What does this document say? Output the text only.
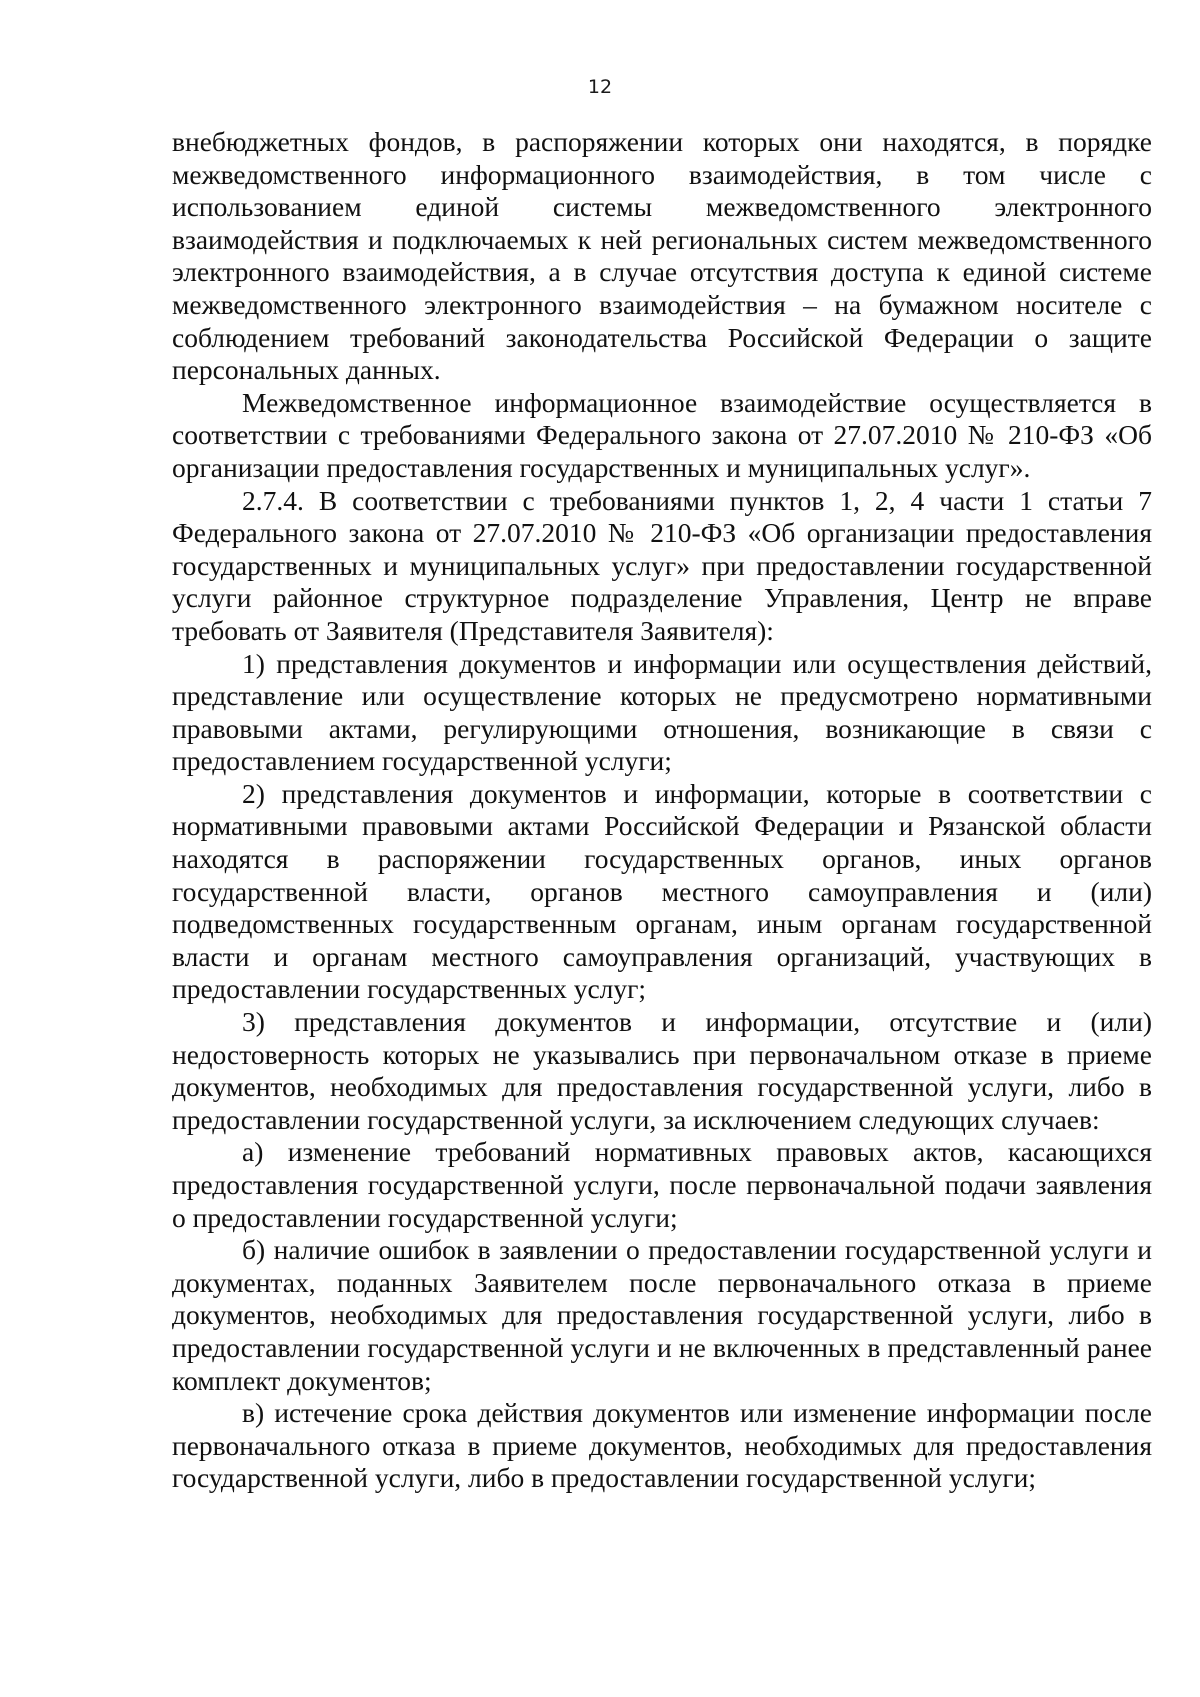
12

внебюджетных фондов, в распоряжении которых они находятся, в порядке межведомственного информационного взаимодействия, в том числе с использованием единой системы межведомственного электронного взаимодействия и подключаемых к ней региональных систем межведомственного электронного взаимодействия, а в случае отсутствия доступа к единой системе межведомственного электронного взаимодействия – на бумажном носителе с соблюдением требований законодательства Российской Федерации о защите персональных данных.

Межведомственное информационное взаимодействие осуществляется в соответствии с требованиями Федерального закона от 27.07.2010 № 210-ФЗ «Об организации предоставления государственных и муниципальных услуг».

2.7.4. В соответствии с требованиями пунктов 1, 2, 4 части 1 статьи 7 Федерального закона от 27.07.2010 № 210-ФЗ «Об организации предоставления государственных и муниципальных услуг» при предоставлении государственной услуги районное структурное подразделение Управления, Центр не вправе требовать от Заявителя (Представителя Заявителя):

1) представления документов и информации или осуществления действий, представление или осуществление которых не предусмотрено нормативными правовыми актами, регулирующими отношения, возникающие в связи с предоставлением государственной услуги;

2) представления документов и информации, которые в соответствии с нормативными правовыми актами Российской Федерации и Рязанской области находятся в распоряжении государственных органов, иных органов государственной власти, органов местного самоуправления и (или) подведомственных государственным органам, иным органам государственной власти и органам местного самоуправления организаций, участвующих в предоставлении государственных услуг;

3) представления документов и информации, отсутствие и (или) недостоверность которых не указывались при первоначальном отказе в приеме документов, необходимых для предоставления государственной услуги, либо в предоставлении государственной услуги, за исключением следующих случаев:

а) изменение требований нормативных правовых актов, касающихся предоставления государственной услуги, после первоначальной подачи заявления о предоставлении государственной услуги;

б) наличие ошибок в заявлении о предоставлении государственной услуги и документах, поданных Заявителем после первоначального отказа в приеме документов, необходимых для предоставления государственной услуги, либо в предоставлении государственной услуги и не включенных в представленный ранее комплект документов;

в) истечение срока действия документов или изменение информации после первоначального отказа в приеме документов, необходимых для предоставления государственной услуги, либо в предоставлении государственной услуги;
